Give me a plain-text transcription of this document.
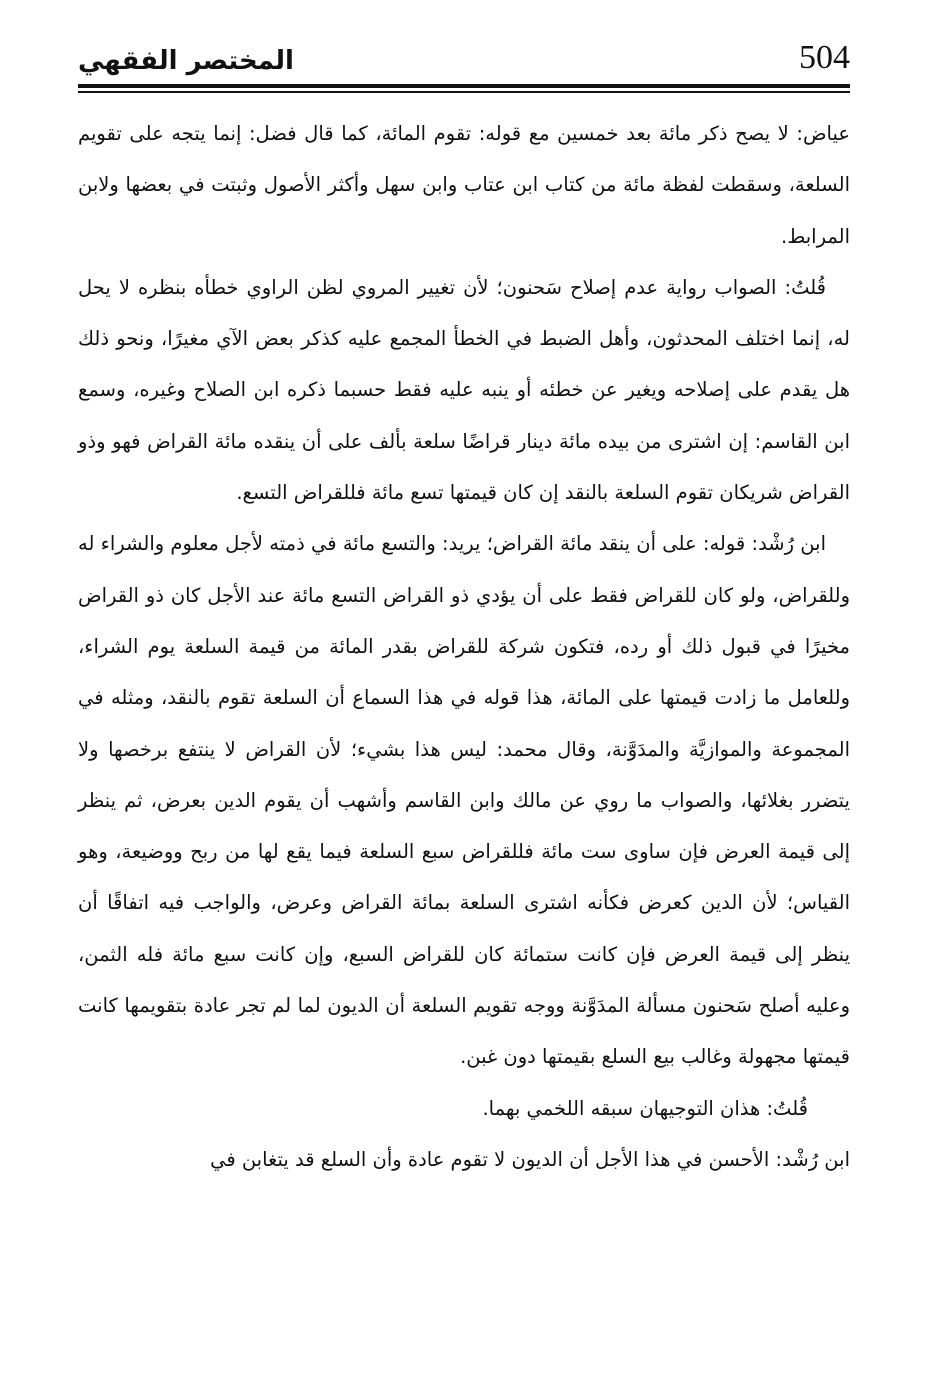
504
المختصر الفقهي

عياض: لا يصح ذكر مائة بعد خمسين مع قوله: تقوم المائة، كما قال فضل: إنما يتجه على تقويم السلعة، وسقطت لفظة مائة من كتاب ابن عتاب وابن سهل وأكثر الأصول وثبتت في بعضها ولابن المرابط.

قُلتُ: الصواب رواية عدم إصلاح سَحنون؛ لأن تغيير المروي لظن الراوي خطأه بنظره لا يحل له، إنما اختلف المحدثون، وأهل الضبط في الخطأ المجمع عليه كذكر بعض الآي مغيرًا، ونحو ذلك هل يقدم على إصلاحه ويغير عن خطئه أو ينبه عليه فقط حسبما ذكره ابن الصلاح وغيره، وسمع ابن القاسم: إن اشترى من بيده مائة دينار قراضًا سلعة بألف على أن ينقده مائة القراض فهو وذو القراض شريكان تقوم السلعة بالنقد إن كان قيمتها تسع مائة فللقراض التسع.

ابن رُشْد: قوله: على أن ينقد مائة القراض؛ يريد: والتسع مائة في ذمته لأجل معلوم والشراء له وللقراض، ولو كان للقراض فقط على أن يؤدي ذو القراض التسع مائة عند الأجل كان ذو القراض مخيرًا في قبول ذلك أو رده، فتكون شركة للقراض بقدر المائة من قيمة السلعة يوم الشراء، وللعامل ما زادت قيمتها على المائة، هذا قوله في هذا السماع أن السلعة تقوم بالنقد، ومثله في المجموعة والموازيَّة والمدَوَّنة، وقال محمد: ليس هذا بشيء؛ لأن القراض لا ينتفع برخصها ولا يتضرر بغلائها، والصواب ما روي عن مالك وابن القاسم وأشهب أن يقوم الدين بعرض، ثم ينظر إلى قيمة العرض فإن ساوى ست مائة فللقراض سبع السلعة فيما يقع لها من ربح ووضيعة، وهو القياس؛ لأن الدين كعرض فكأنه اشترى السلعة بمائة القراض وعرض، والواجب فيه اتفاقًا أن ينظر إلى قيمة العرض فإن كانت ستمائة كان للقراض السبع، وإن كانت سبع مائة فله الثمن، وعليه أصلح سَحنون مسألة المدَوَّنة ووجه تقويم السلعة أن الديون لما لم تجر عادة بتقويمها كانت قيمتها مجهولة وغالب بيع السلع بقيمتها دون غبن.

قُلتُ: هذان التوجيهان سبقه اللخمي بهما.

ابن رُشْد: الأحسن في هذا الأجل أن الديون لا تقوم عادة وأن السلع قد يتغابن في
